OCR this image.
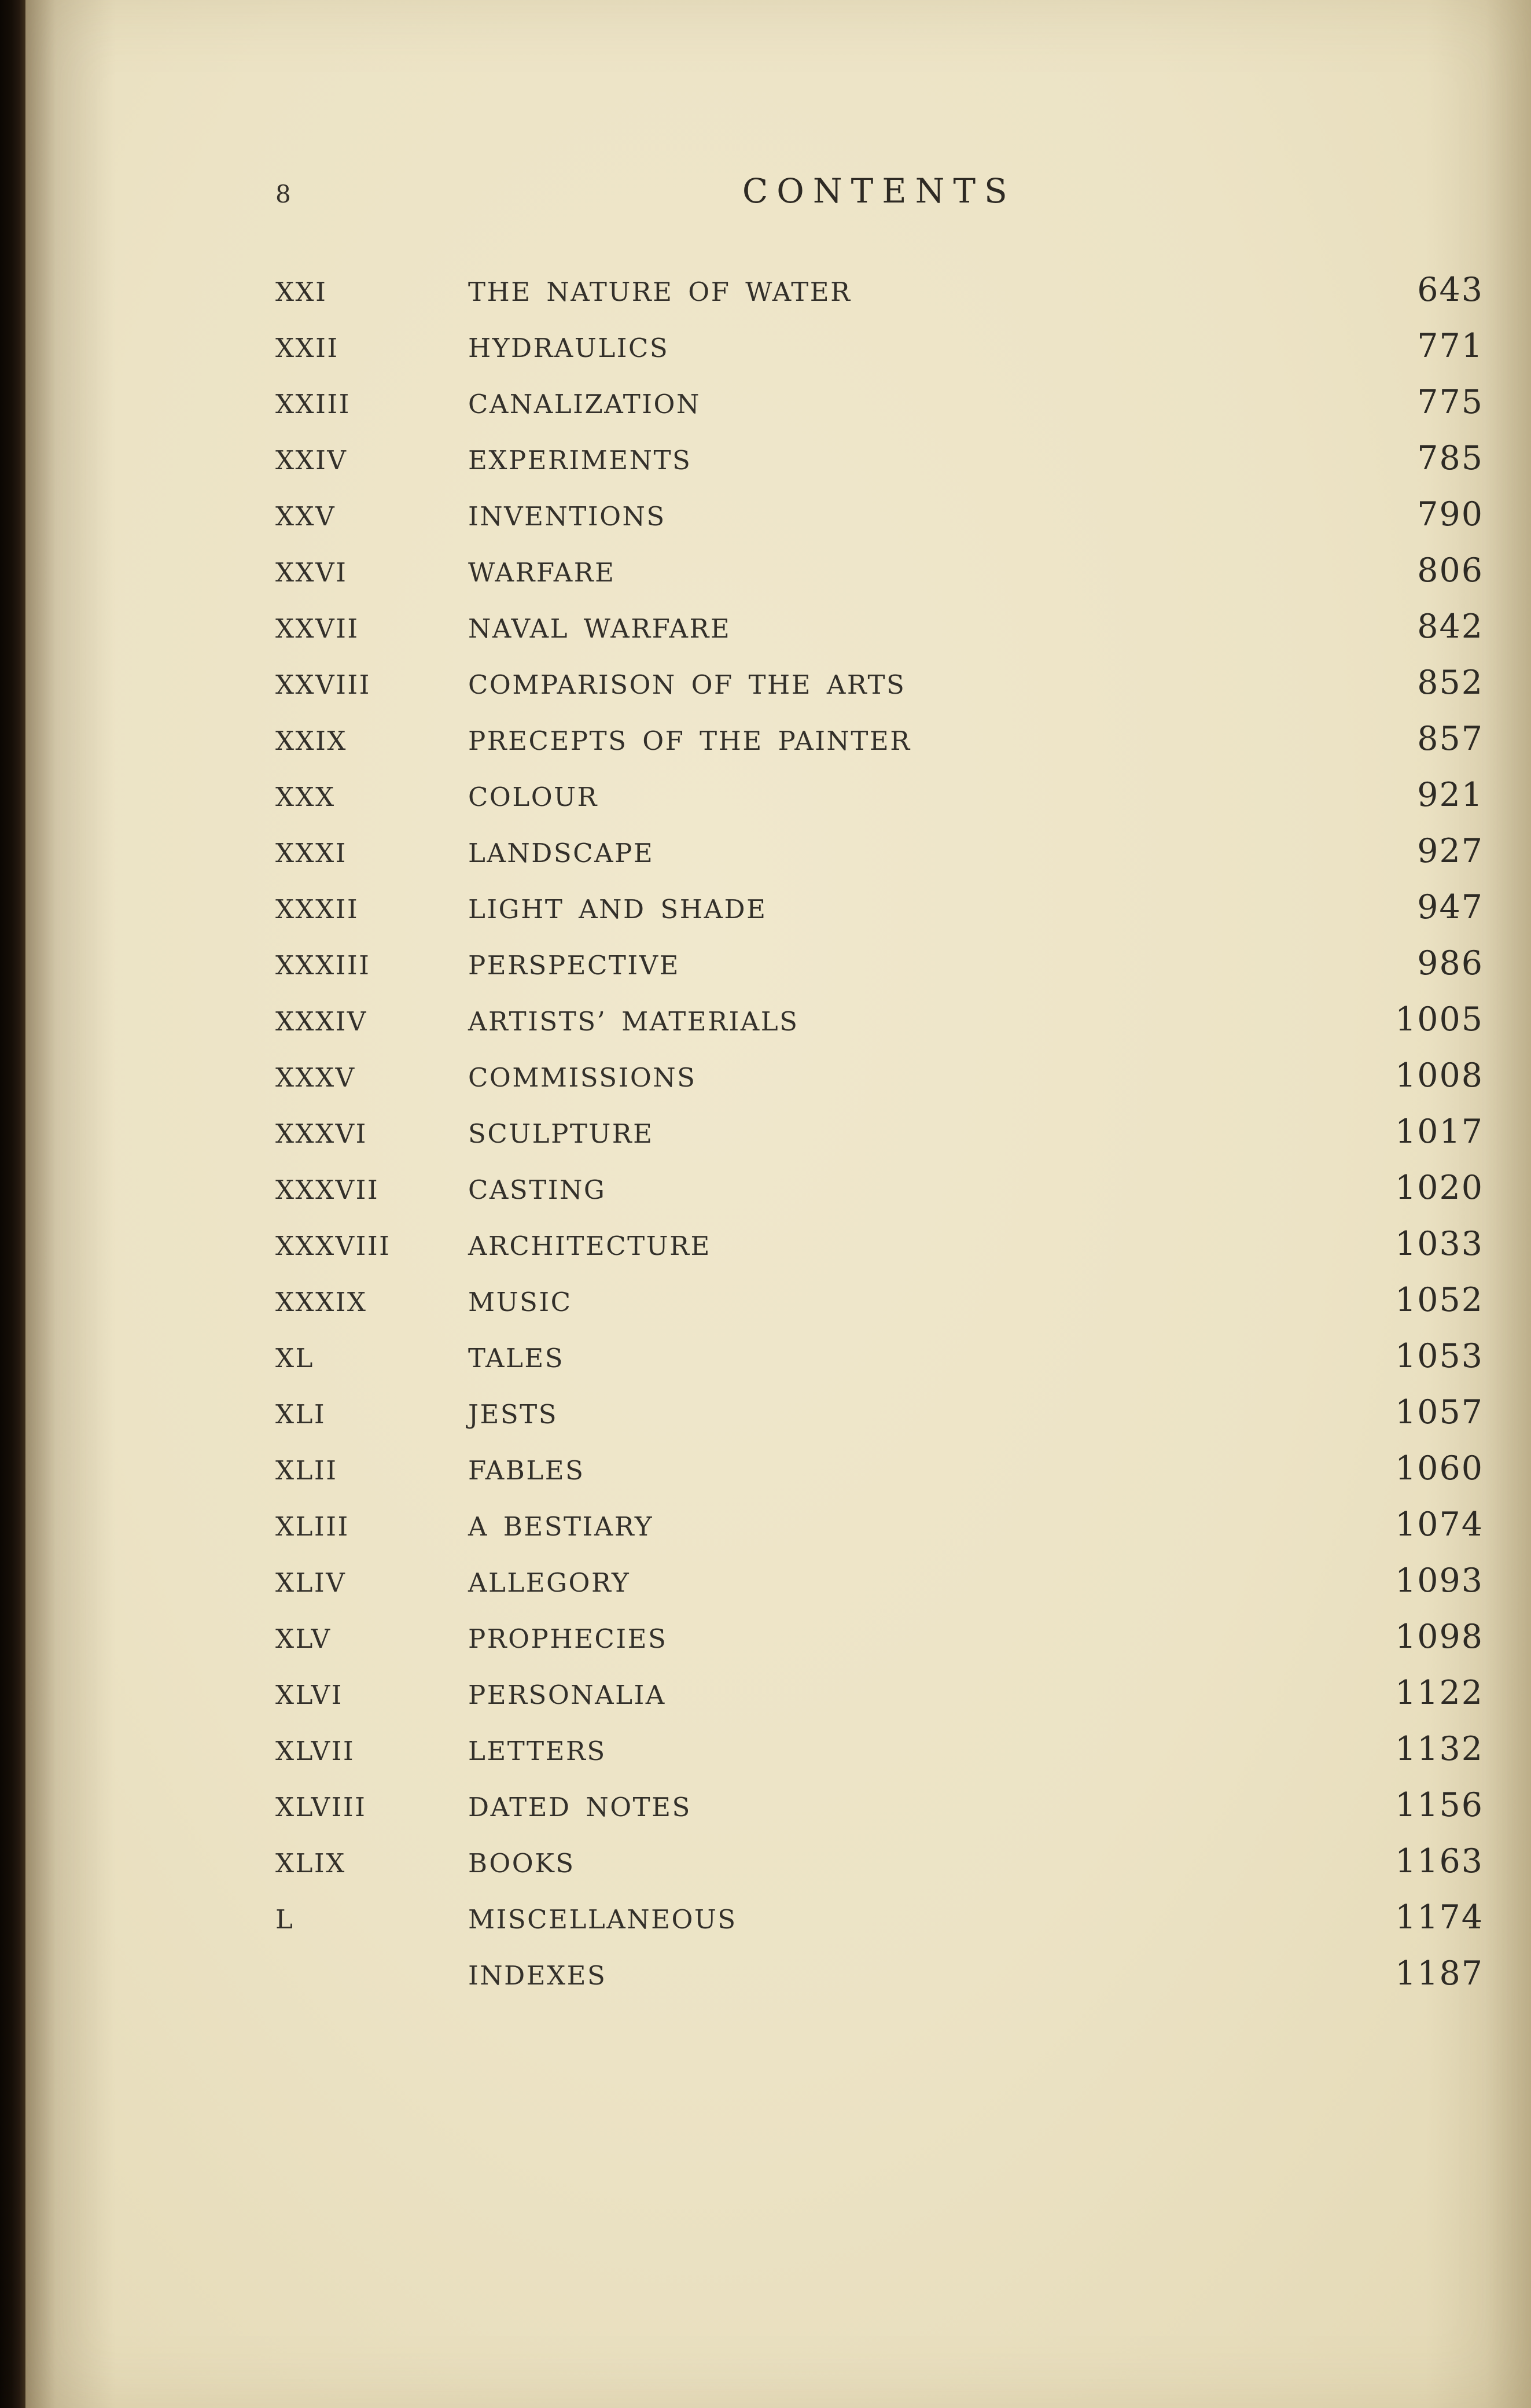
8	CONTENTS
XXI	THE NATURE OF WATER	643
XXII	HYDRAULICS	771
XXIII	CANALIZATION	775
XXIV	EXPERIMENTS	785
XXV	INVENTIONS	790
XXVI	WARFARE	806
XXVII	NAVAL WARFARE	842
XXVIII	COMPARISON OF THE ARTS	852
XXIX	PRECEPTS OF THE PAINTER	857
XXX	COLOUR	921
XXXI	LANDSCAPE	927
XXXII	LIGHT AND SHADE	947
XXXIII	PERSPECTIVE	986
XXXIV	ARTISTS’ MATERIALS	1005
XXXV	COMMISSIONS	1008
XXXVI	SCULPTURE	1017
XXXVII	CASTING	1020
XXXVIII	ARCHITECTURE	1033
XXXIX	MUSIC	1052
XL	TALES	1053
XLI	JESTS	1057
XLII	FABLES	1060
XLIII	A BESTIARY	1074
XLIV	ALLEGORY	1093
XLV	PROPHECIES	1098
XLVI	PERSONALIA	1122
XLVII	LETTERS	1132
XLVIII	DATED NOTES	1156
XLIX	BOOKS	1163
L	MISCELLANEOUS	1174
INDEXES	1187
